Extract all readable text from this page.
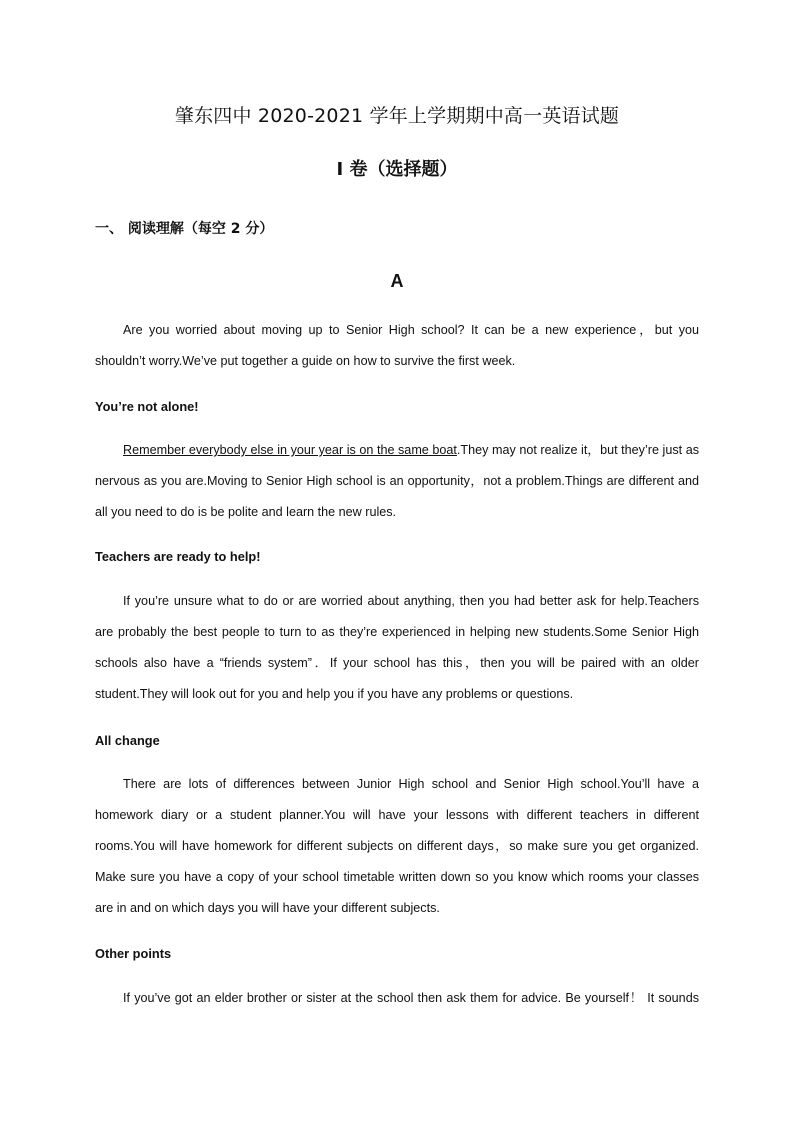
肇东四中 2020-2021 学年上学期期中高一英语试题
I 卷（选择题）
一、 阅读理解（每空 2 分）
A

Are you worried about moving up to Senior High school? It can be a new experience，but you shouldn’t worry.We’ve put together a guide on how to survive the first week.

You’re not alone!

Remember everybody else in your year is on the same boat.They may not realize it，but they’re just as nervous as you are.Moving to Senior High school is an opportunity，not a problem.Things are different and all you need to do is be polite and learn the new rules.

Teachers are ready to help!

If you’re unsure what to do or are worried about anything, then you had better ask for help.Teachers are probably the best people to turn to as they’re experienced in helping new students.Some Senior High schools also have a “friends system”．If your school has this，then you will be paired with an older student.They will look out for you and help you if you have any problems or questions.

All change

There are lots of differences between Junior High school and Senior High school.You’ll have a homework diary or a student planner.You will have your lessons with different teachers in different rooms.You will have homework for different subjects on different days，so make sure you get organized. Make sure you have a copy of your school timetable written down so you know which rooms your classes are in and on which days you will have your different subjects.

Other points

If you’ve got an elder brother or sister at the school then ask them for advice. Be yourself！ It sounds
